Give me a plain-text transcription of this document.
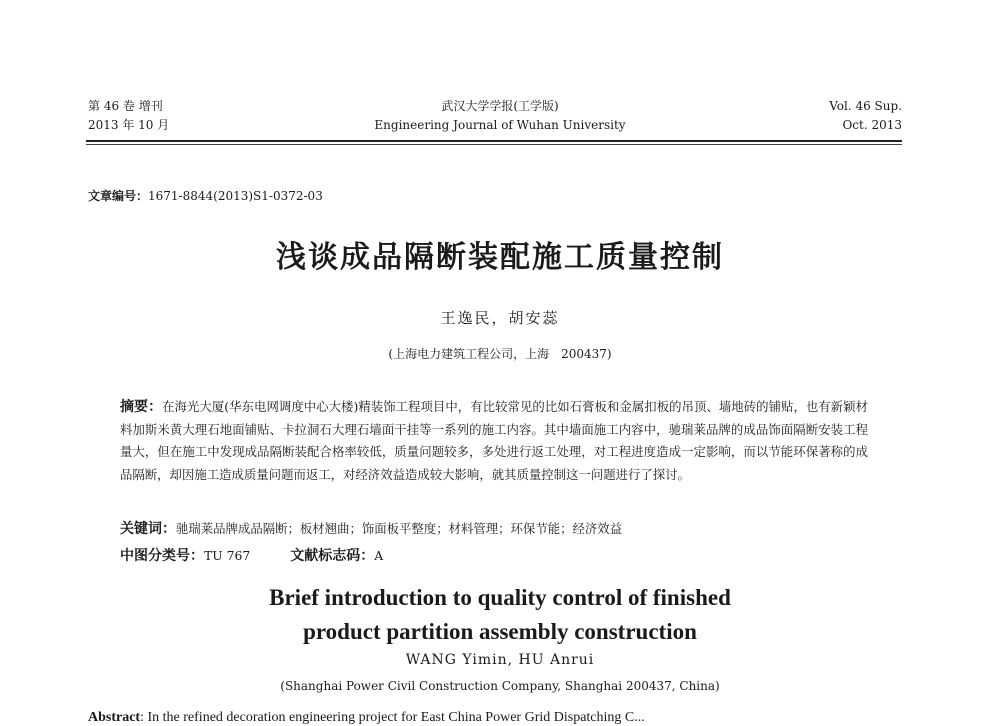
第 46 卷 增刊
2013 年 10 月
武汉大学学报(工学版)
Engineering Journal of Wuhan University
Vol. 46 Sup.
Oct. 2013
文章编号：1671-8844(2013)S1-0372-03
浅谈成品隔断装配施工质量控制
王逸民，胡安蕊
(上海电力建筑工程公司，上海　200437)

摘要：在海光大厦(华东电网调度中心大楼)精装饰工程项目中，有比较常见的比如石膏板和金属扣板的吊顶、墙地砖的铺贴，也有新颖材料加斯米黄大理石地面铺贴、卡拉洞石大理石墙面干挂等一系列的施工内容。其中墙面施工内容中，驰瑞莱品牌的成品饰面隔断安装工程量大，但在施工中发现成品隔断装配合格率较低，质量问题较多，多处进行返工处理，对工程进度造成一定影响，而以节能环保著称的成品隔断，却因施工造成质量问题而返工，对经济效益造成较大影响，就其质量控制这一问题进行了探讨。

关键词：驰瑞莱品牌成品隔断；板材翘曲；饰面板平整度；材料管理；环保节能；经济效益

中图分类号：TU 767	文献标志码：A

Brief introduction to quality control of finished
product partition assembly construction
WANG Yimin, HU Anrui
(Shanghai Power Civil Construction Company, Shanghai 200437, China)
Abstract: In the refined decoration engineering project for East China Power Grid Dispatching C...
